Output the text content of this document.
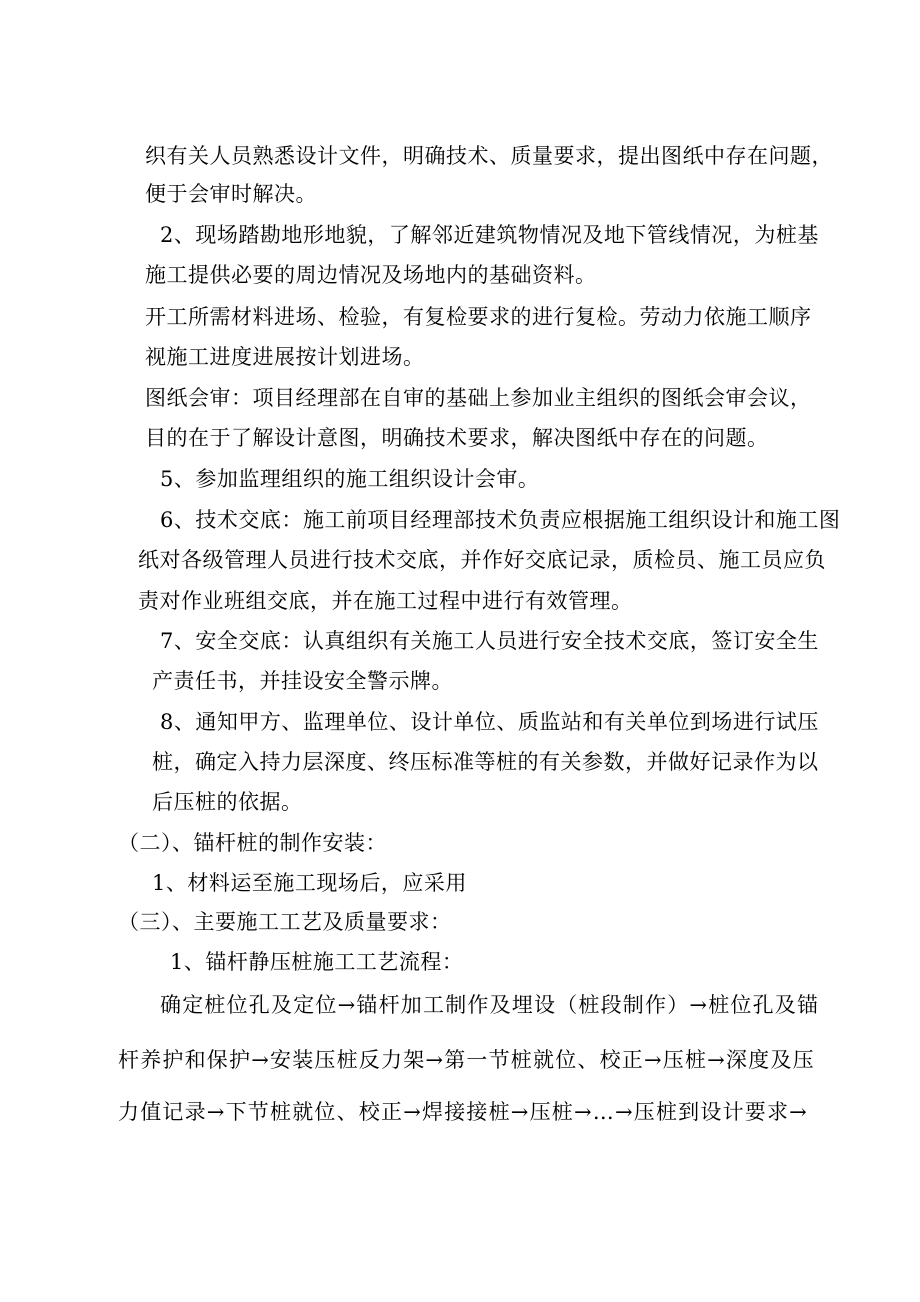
织有关人员熟悉设计文件，明确技术、质量要求，提出图纸中存在问题，
便于会审时解决。
2、现场踏勘地形地貌，了解邻近建筑物情况及地下管线情况，为桩基
施工提供必要的周边情况及场地内的基础资料。
开工所需材料进场、检验，有复检要求的进行复检。劳动力依施工顺序
视施工进度进展按计划进场。
图纸会审：项目经理部在自审的基础上参加业主组织的图纸会审会议，
目的在于了解设计意图，明确技术要求，解决图纸中存在的问题。
5、参加监理组织的施工组织设计会审。
6、技术交底：施工前项目经理部技术负责应根据施工组织设计和施工图
纸对各级管理人员进行技术交底，并作好交底记录，质检员、施工员应负
责对作业班组交底，并在施工过程中进行有效管理。
7、安全交底：认真组织有关施工人员进行安全技术交底，签订安全生
产责任书，并挂设安全警示牌。
8、通知甲方、监理单位、设计单位、质监站和有关单位到场进行试压
桩，确定入持力层深度、终压标准等桩的有关参数，并做好记录作为以
后压桩的依据。
（二）、锚杆桩的制作安装：
1、材料运至施工现场后，应采用
（三）、主要施工工艺及质量要求：
1、锚杆静压桩施工工艺流程：
确定桩位孔及定位→锚杆加工制作及埋设（桩段制作）→桩位孔及锚
杆养护和保护→安装压桩反力架→第一节桩就位、校正→压桩→深度及压
力值记录→下节桩就位、校正→焊接接桩→压桩→…→压桩到设计要求→
